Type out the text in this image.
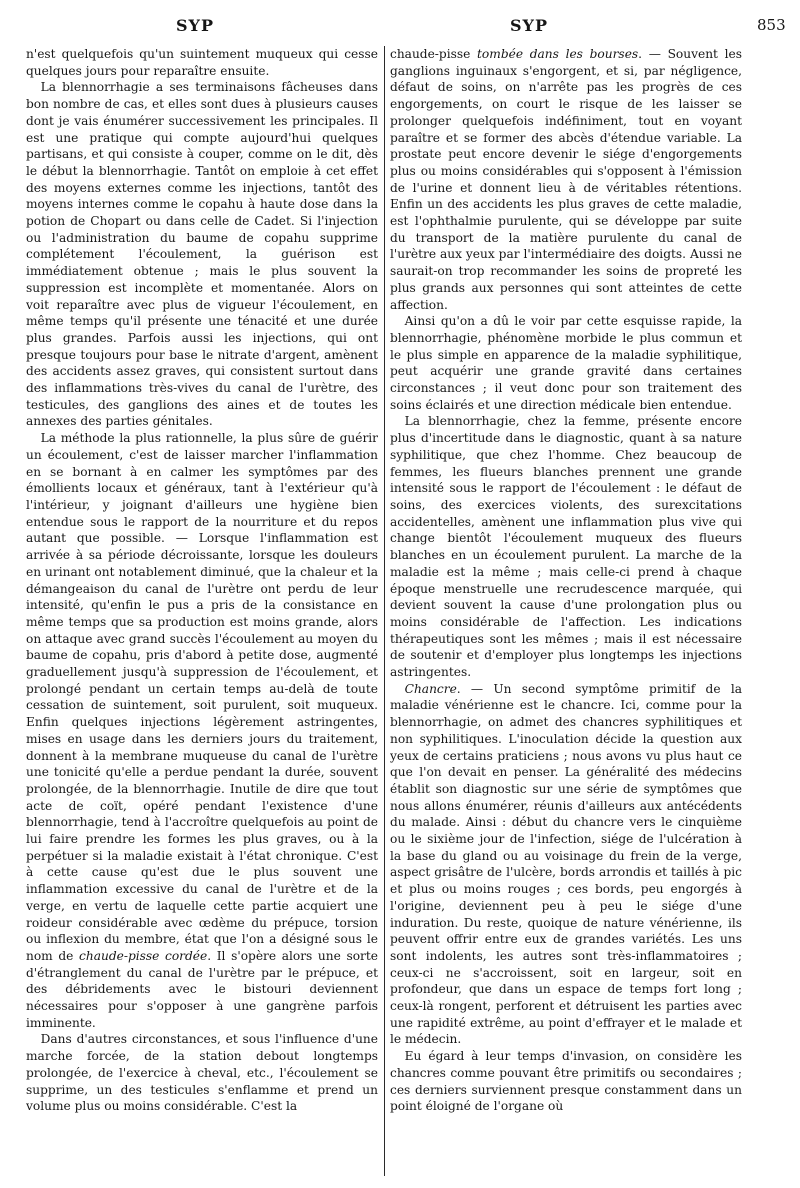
SYP	SYP	853

n'est quelquefois qu'un suintement muqueux qui cesse quelques jours pour reparaître ensuite.

La blennorrhagie a ses terminaisons fâcheuses dans bon nombre de cas, et elles sont dues à plusieurs causes dont je vais énumérer successivement les principales. Il est une pratique qui compte aujourd'hui quelques partisans, et qui consiste à couper, comme on le dit, dès le début la blennorrhagie. Tantôt on emploie à cet effet des moyens externes comme les injections, tantôt des moyens internes comme le copahu à haute dose dans la potion de Chopart ou dans celle de Cadet. Si l'injection ou l'administration du baume de copahu supprime complétement l'écoulement, la guérison est immédiatement obtenue ; mais le plus souvent la suppression est incomplète et momentanée. Alors on voit reparaître avec plus de vigueur l'écoulement, en même temps qu'il présente une ténacité et une durée plus grandes. Parfois aussi les injections, qui ont presque toujours pour base le nitrate d'argent, amènent des accidents assez graves, qui consistent surtout dans des inflammations très-vives du canal de l'urètre, des testicules, des ganglions des aines et de toutes les annexes des parties génitales.

La méthode la plus rationnelle, la plus sûre de guérir un écoulement, c'est de laisser marcher l'inflammation en se bornant à en calmer les symptômes par des émollients locaux et généraux, tant à l'extérieur qu'à l'intérieur, y joignant d'ailleurs une hygiène bien entendue sous le rapport de la nourriture et du repos autant que possible. — Lorsque l'inflammation est arrivée à sa période décroissante, lorsque les douleurs en urinant ont notablement diminué, que la chaleur et la démangeaison du canal de l'urètre ont perdu de leur intensité, qu'enfin le pus a pris de la consistance en même temps que sa production est moins grande, alors on attaque avec grand succès l'écoulement au moyen du baume de copahu, pris d'abord à petite dose, augmenté graduellement jusqu'à suppression de l'écoulement, et prolongé pendant un certain temps au-delà de toute cessation de suintement, soit purulent, soit muqueux. Enfin quelques injections légèrement astringentes, mises en usage dans les derniers jours du traitement, donnent à la membrane muqueuse du canal de l'urètre une tonicité qu'elle a perdue pendant la durée, souvent prolongée, de la blennorrhagie. Inutile de dire que tout acte de coït, opéré pendant l'existence d'une blennorrhagie, tend à l'accroître quelquefois au point de lui faire prendre les formes les plus graves, ou à la perpétuer si la maladie existait à l'état chronique. C'est à cette cause qu'est due le plus souvent une inflammation excessive du canal de l'urètre et de la verge, en vertu de laquelle cette partie acquiert une roideur considérable avec œdème du prépuce, torsion ou inflexion du membre, état que l'on a désigné sous le nom de chaude-pisse cordée. Il s'opère alors une sorte d'étranglement du canal de l'urètre par le prépuce, et des débridements avec le bistouri deviennent nécessaires pour s'opposer à une gangrène parfois imminente.

Dans d'autres circonstances, et sous l'influence d'une marche forcée, de la station debout longtemps prolongée, de l'exercice à cheval, etc., l'écoulement se supprime, un des testicules s'enflamme et prend un volume plus ou moins considérable. C'est la

chaude-pisse tombée dans les bourses. — Souvent les ganglions inguinaux s'engorgent, et si, par négligence, défaut de soins, on n'arrête pas les progrès de ces engorgements, on court le risque de les laisser se prolonger quelquefois indéfiniment, tout en voyant paraître et se former des abcès d'étendue variable. La prostate peut encore devenir le siége d'engorgements plus ou moins considérables qui s'opposent à l'émission de l'urine et donnent lieu à de véritables rétentions. Enfin un des accidents les plus graves de cette maladie, est l'ophthalmie purulente, qui se développe par suite du transport de la matière purulente du canal de l'urètre aux yeux par l'intermédiaire des doigts. Aussi ne saurait-on trop recommander les soins de propreté les plus grands aux personnes qui sont atteintes de cette affection.

Ainsi qu'on a dû le voir par cette esquisse rapide, la blennorrhagie, phénomène morbide le plus commun et le plus simple en apparence de la maladie syphilitique, peut acquérir une grande gravité dans certaines circonstances ; il veut donc pour son traitement des soins éclairés et une direction médicale bien entendue.

La blennorrhagie, chez la femme, présente encore plus d'incertitude dans le diagnostic, quant à sa nature syphilitique, que chez l'homme. Chez beaucoup de femmes, les flueurs blanches prennent une grande intensité sous le rapport de l'écoulement : le défaut de soins, des exercices violents, des surexcitations accidentelles, amènent une inflammation plus vive qui change bientôt l'écoulement muqueux des flueurs blanches en un écoulement purulent. La marche de la maladie est la même ; mais celle-ci prend à chaque époque menstruelle une recrudescence marquée, qui devient souvent la cause d'une prolongation plus ou moins considérable de l'affection. Les indications thérapeutiques sont les mêmes ; mais il est nécessaire de soutenir et d'employer plus longtemps les injections astringentes.

Chancre. — Un second symptôme primitif de la maladie vénérienne est le chancre. Ici, comme pour la blennorrhagie, on admet des chancres syphilitiques et non syphilitiques. L'inoculation décide la question aux yeux de certains praticiens ; nous avons vu plus haut ce que l'on devait en penser. La généralité des médecins établit son diagnostic sur une série de symptômes que nous allons énumérer, réunis d'ailleurs aux antécédents du malade. Ainsi : début du chancre vers le cinquième ou le sixième jour de l'infection, siége de l'ulcération à la base du gland ou au voisinage du frein de la verge, aspect grisâtre de l'ulcère, bords arrondis et taillés à pic et plus ou moins rouges ; ces bords, peu engorgés à l'origine, deviennent peu à peu le siége d'une induration. Du reste, quoique de nature vénérienne, ils peuvent offrir entre eux de grandes variétés. Les uns sont indolents, les autres sont très-inflammatoires ; ceux-ci ne s'accroissent, soit en largeur, soit en profondeur, que dans un espace de temps fort long ; ceux-là rongent, perforent et détruisent les parties avec une rapidité extrême, au point d'effrayer et le malade et le médecin.

Eu égard à leur temps d'invasion, on considère les chancres comme pouvant être primitifs ou secondaires ; ces derniers surviennent presque constamment dans un point éloigné de l'organe où
